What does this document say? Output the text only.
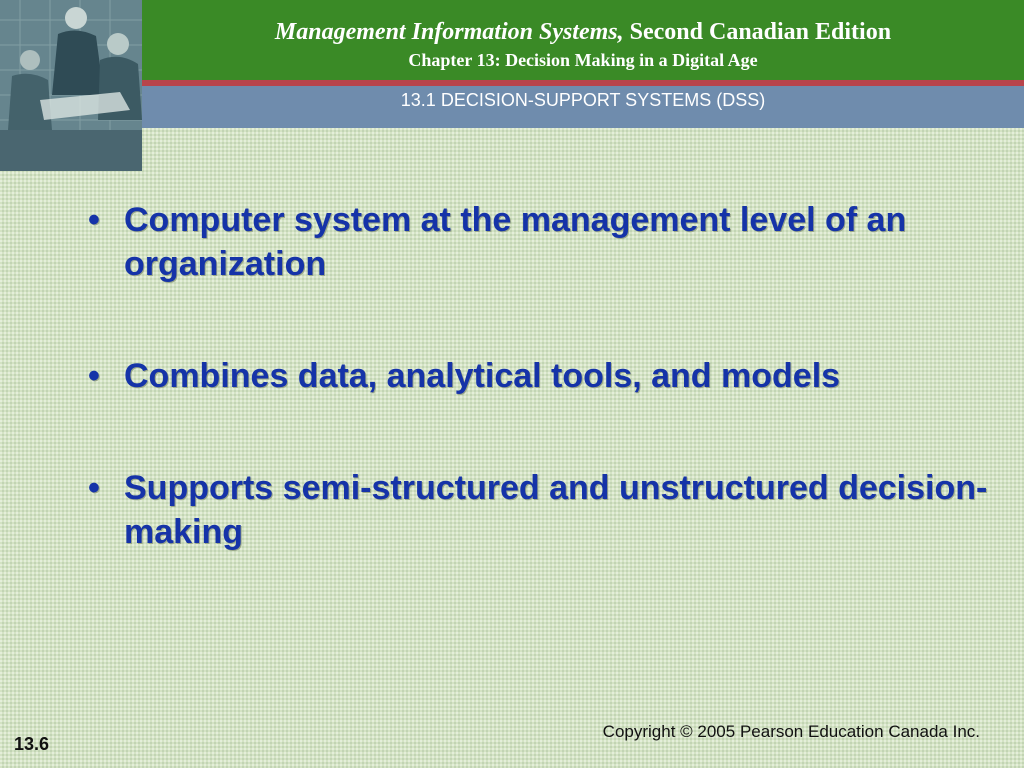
Management Information Systems, Second Canadian Edition
Chapter 13: Decision Making in a Digital Age
13.1 DECISION-SUPPORT SYSTEMS (DSS)
• Computer system at the management level of an organization
• Combines data, analytical tools, and models
• Supports semi-structured and unstructured decision-making
Copyright © 2005 Pearson Education Canada Inc.
13.6
